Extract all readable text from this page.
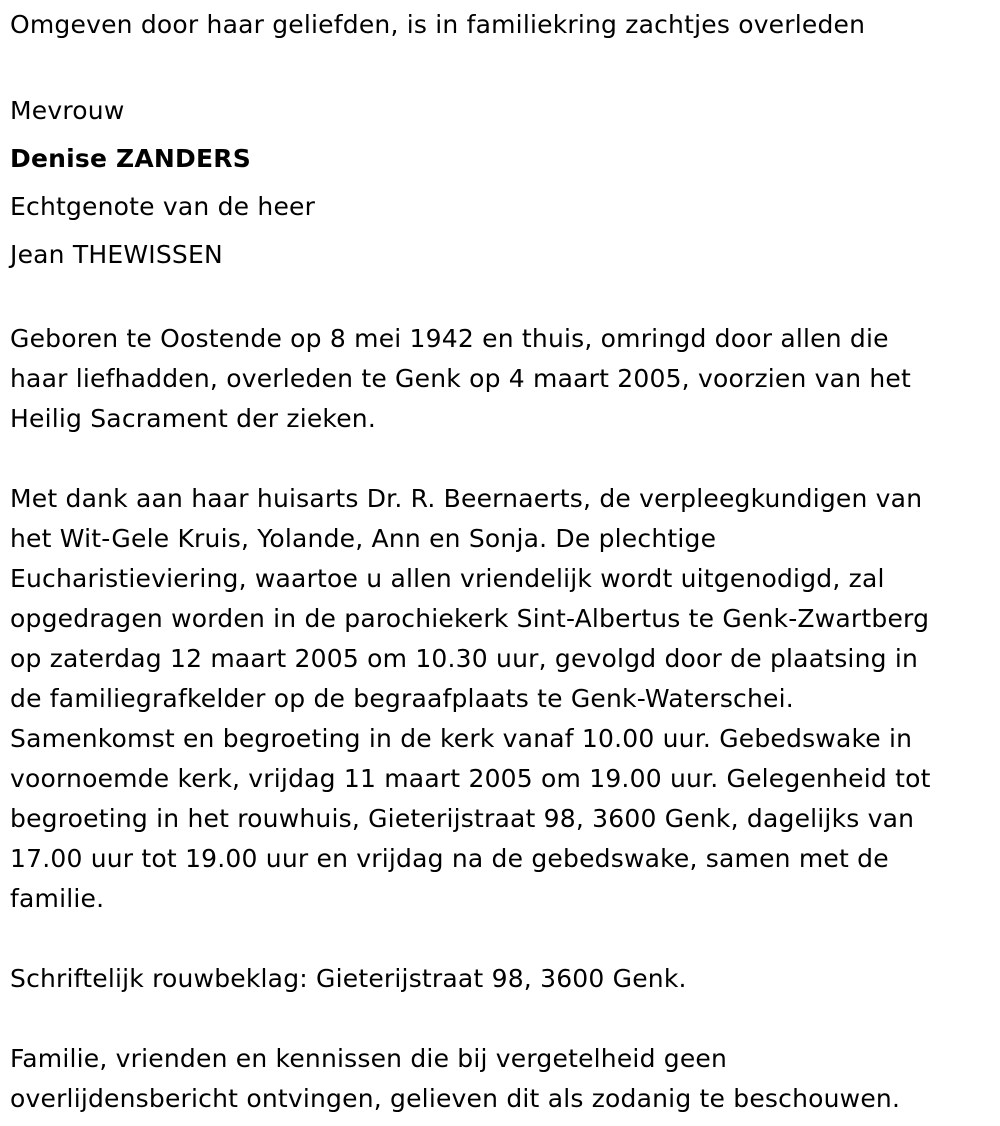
Omgeven door haar geliefden, is in familiekring zachtjes overleden

Mevrouw

Denise ZANDERS

Echtgenote van de heer

Jean THEWISSEN

Geboren te Oostende op 8 mei 1942 en thuis, omringd door allen die
haar liefhadden, overleden te Genk op 4 maart 2005, voorzien van het
Heilig Sacrament der zieken.
Met dank aan haar huisarts Dr. R. Beernaerts, de verpleegkundigen van
het Wit-Gele Kruis, Yolande, Ann en Sonja. De plechtige
Eucharistieviering, waartoe u allen vriendelijk wordt uitgenodigd, zal
opgedragen worden in de parochiekerk Sint-Albertus te Genk-Zwartberg
op zaterdag 12 maart 2005 om 10.30 uur, gevolgd door de plaatsing in
de familiegrafkelder op de begraafplaats te Genk-Waterschei.
Samenkomst en begroeting in de kerk vanaf 10.00 uur. Gebedswake in
voornoemde kerk, vrijdag 11 maart 2005 om 19.00 uur. Gelegenheid tot
begroeting in het rouwhuis, Gieterijstraat 98, 3600 Genk, dagelijks van
17.00 uur tot 19.00 uur en vrijdag na de gebedswake, samen met de
familie.
Schriftelijk rouwbeklag: Gieterijstraat 98, 3600 Genk.
Familie, vrienden en kennissen die bij vergetelheid geen
overlijdensbericht ontvingen, gelieven dit als zodanig te beschouwen.
